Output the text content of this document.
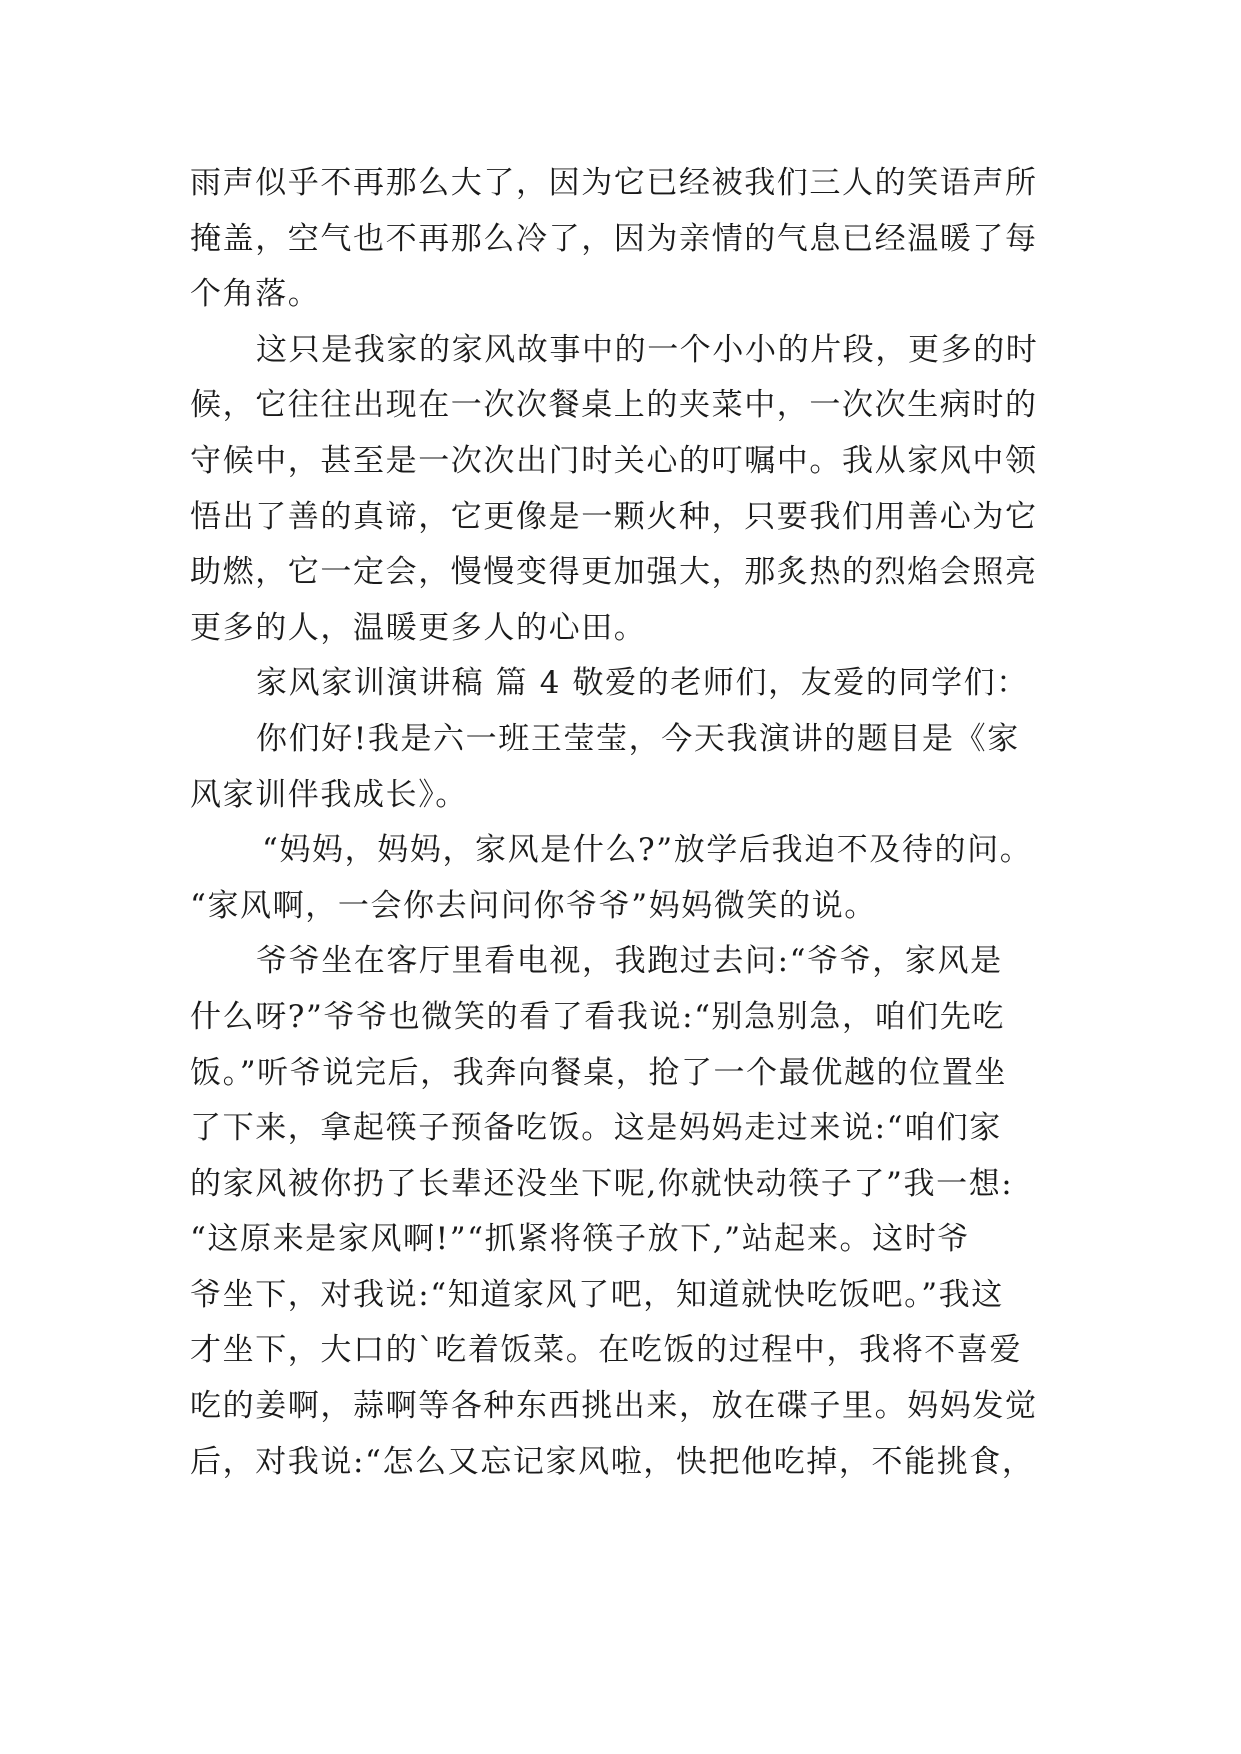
雨声似乎不再那么大了，因为它已经被我们三人的笑语声所
掩盖，空气也不再那么冷了，因为亲情的气息已经温暖了每
个角落。
这只是我家的家风故事中的一个小小的片段，更多的时
候，它往往出现在一次次餐桌上的夹菜中，一次次生病时的
守候中，甚至是一次次出门时关心的叮嘱中。我从家风中领
悟出了善的真谛，它更像是一颗火种，只要我们用善心为它
助燃，它一定会，慢慢变得更加强大，那炙热的烈焰会照亮
更多的人，温暖更多人的心田。
家风家训演讲稿 篇 4 敬爱的老师们，友爱的同学们：
你们好!我是六一班王莹莹，今天我演讲的题目是《家
风家训伴我成长》。
“妈妈，妈妈，家风是什么?”放学后我迫不及待的问。
“家风啊，一会你去问问你爷爷”妈妈微笑的说。
爷爷坐在客厅里看电视，我跑过去问:“爷爷，家风是
什么呀?”爷爷也微笑的看了看我说:“别急别急，咱们先吃
饭。”听爷说完后，我奔向餐桌，抢了一个最优越的位置坐
了下来，拿起筷子预备吃饭。这是妈妈走过来说:“咱们家
的家风被你扔了长辈还没坐下呢,你就快动筷子了”我一想:
“这原来是家风啊!”“抓紧将筷子放下,”站起来。这时爷
爷坐下，对我说:“知道家风了吧，知道就快吃饭吧。”我这
才坐下，大口的`吃着饭菜。在吃饭的过程中，我将不喜爱
吃的姜啊，蒜啊等各种东西挑出来，放在碟子里。妈妈发觉
后，对我说:“怎么又忘记家风啦，快把他吃掉，不能挑食，
